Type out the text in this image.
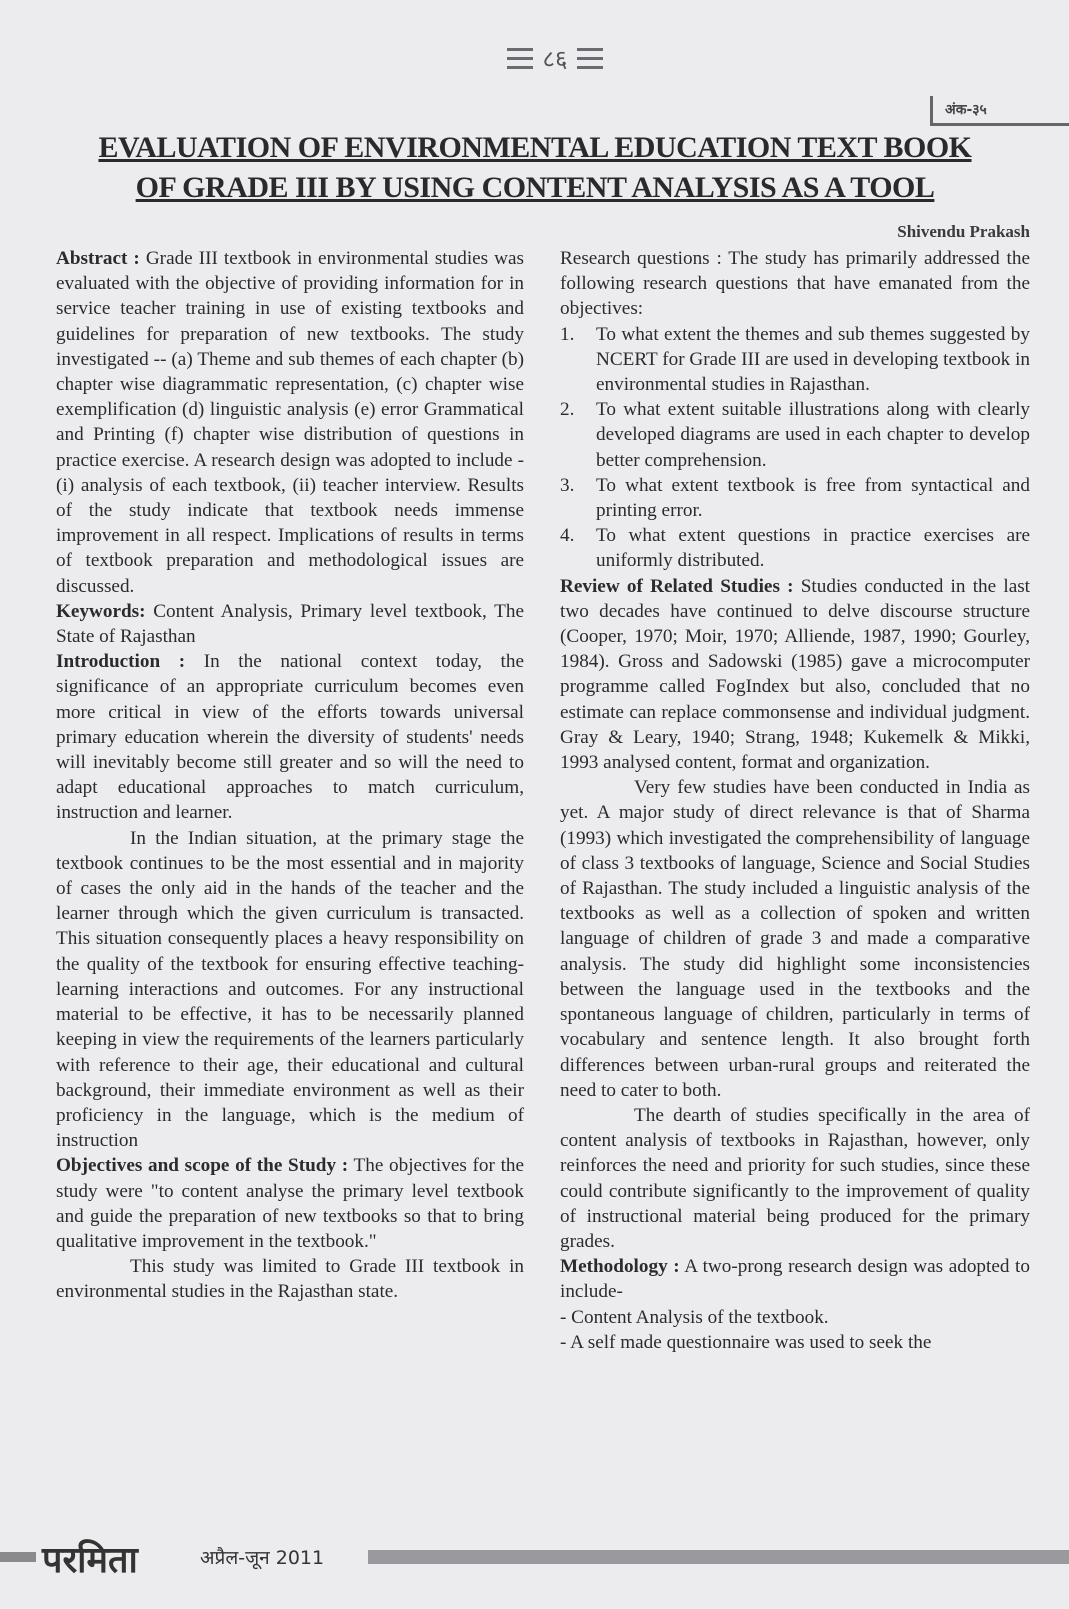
८६
अंक-३५
EVALUATION OF ENVIRONMENTAL EDUCATION TEXT BOOK
OF GRADE III BY USING CONTENT ANALYSIS AS A TOOL
Shivendu Prakash

Abstract : Grade III textbook in environmental studies was evaluated with the objective of providing information for in service teacher training in use of existing textbooks and guidelines for preparation of new textbooks. The study investigated -- (a) Theme and sub themes of each chapter (b) chapter wise diagrammatic representation, (c) chapter wise exemplification (d) linguistic analysis (e) error Grammatical and Printing (f) chapter wise distribution of questions in practice exercise. A research design was adopted to include - (i) analysis of each textbook, (ii) teacher interview. Results of the study indicate that textbook needs immense improvement in all respect. Implications of results in terms of textbook preparation and methodological issues are discussed.

Keywords: Content Analysis, Primary level textbook, The State of Rajasthan

Introduction : In the national context today, the significance of an appropriate curriculum becomes even more critical in view of the efforts towards universal primary education wherein the diversity of students' needs will inevitably become still greater and so will the need to adapt educational approaches to match curriculum, instruction and learner.

In the Indian situation, at the primary stage the textbook continues to be the most essential and in majority of cases the only aid in the hands of the teacher and the learner through which the given curriculum is transacted. This situation consequently places a heavy responsibility on the quality of the textbook for ensuring effective teaching-learning interactions and outcomes. For any instructional material to be effective, it has to be necessarily planned keeping in view the requirements of the learners particularly with reference to their age, their educational and cultural background, their immediate environment as well as their proficiency in the language, which is the medium of instruction

Objectives and scope of the Study : The objectives for the study were "to content analyse the primary level textbook and guide the preparation of new textbooks so that to bring qualitative improvement in the textbook."

This study was limited to Grade III textbook in environmental studies in the Rajasthan state.

Research questions : The study has primarily addressed the following research questions that have emanated from the objectives:

1. To what extent the themes and sub themes suggested by NCERT for Grade III are used in developing textbook in environmental studies in Rajasthan.
2. To what extent suitable illustrations along with clearly developed diagrams are used in each chapter to develop better comprehension.
3. To what extent textbook is free from syntactical and printing error.
4. To what extent questions in practice exercises are uniformly distributed.

Review of Related Studies : Studies conducted in the last two decades have continued to delve discourse structure (Cooper, 1970; Moir, 1970; Alliende, 1987, 1990; Gourley, 1984). Gross and Sadowski (1985) gave a microcomputer programme called FogIndex but also, concluded that no estimate can replace commonsense and individual judgment. Gray & Leary, 1940; Strang, 1948; Kukemelk & Mikki, 1993 analysed content, format and organization.

Very few studies have been conducted in India as yet. A major study of direct relevance is that of Sharma (1993) which investigated the comprehensibility of language of class 3 textbooks of language, Science and Social Studies of Rajasthan. The study included a linguistic analysis of the textbooks as well as a collection of spoken and written language of children of grade 3 and made a comparative analysis. The study did highlight some inconsistencies between the language used in the textbooks and the spontaneous language of children, particularly in terms of vocabulary and sentence length. It also brought forth differences between urban-rural groups and reiterated the need to cater to both.

The dearth of studies specifically in the area of content analysis of textbooks in Rajasthan, however, only reinforces the need and priority for such studies, since these could contribute significantly to the improvement of quality of instructional material being produced for the primary grades.

Methodology : A two-prong research design was adopted to include-

- Content Analysis of the textbook.

- A self made questionnaire was used to seek the

परमिता	अप्रैल-जून 2011
